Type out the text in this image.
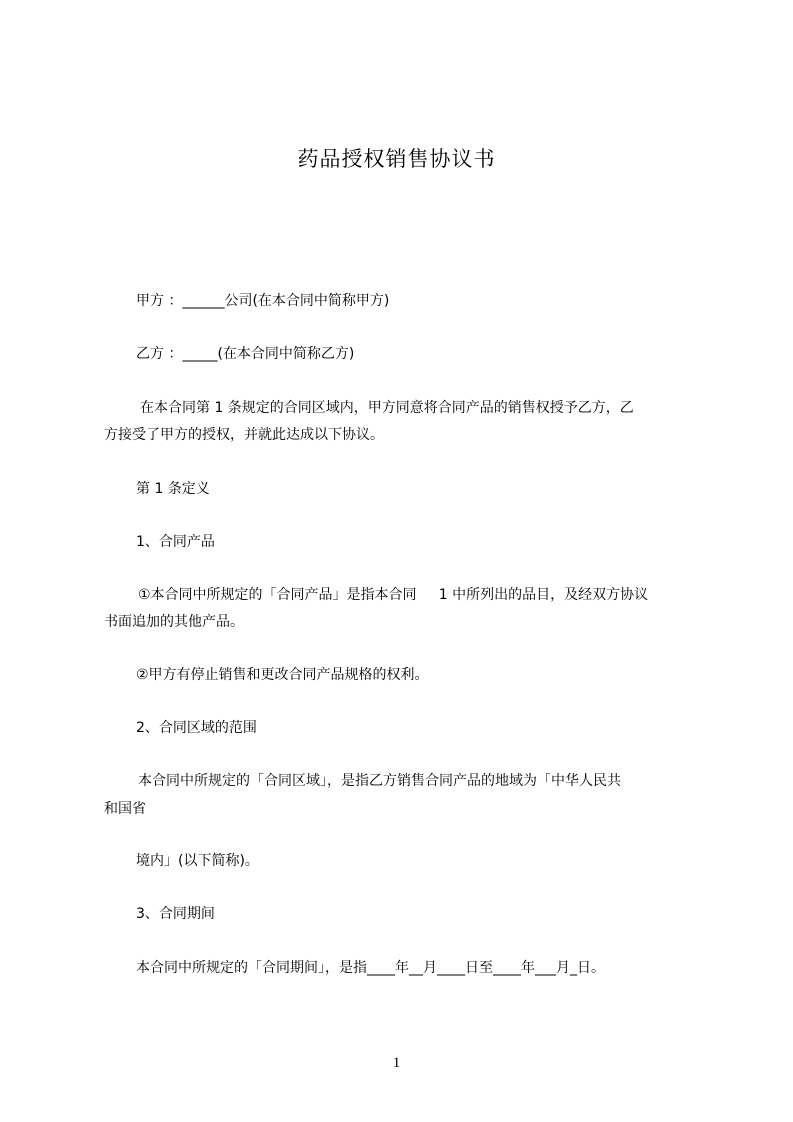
药品授权销售协议书
甲方 ：______公司(在本合同中简称甲方)
乙方 ：_____(在本合同中简称乙方)
在本合同第 1 条规定的合同区域内，甲方同意将合同产品的销售权授予乙方，乙
方接受了甲方的授权，并就此达成以下协议。
第 1 条定义
1、合同产品
①本合同中所规定的「合同产品」是指本合同     1 中所列出的品目，及经双方协议
书面追加的其他产品。
②甲方有停止销售和更改合同产品规格的权利。
2、合同区域的范围
本合同中所规定的「合同区域」，是指乙方销售合同产品的地域为「中华人民共
和国省
境内」(以下简称)。
3、合同期间
本合同中所规定的「合同期间」，是指____年__月____日至____年___月_日。
1
